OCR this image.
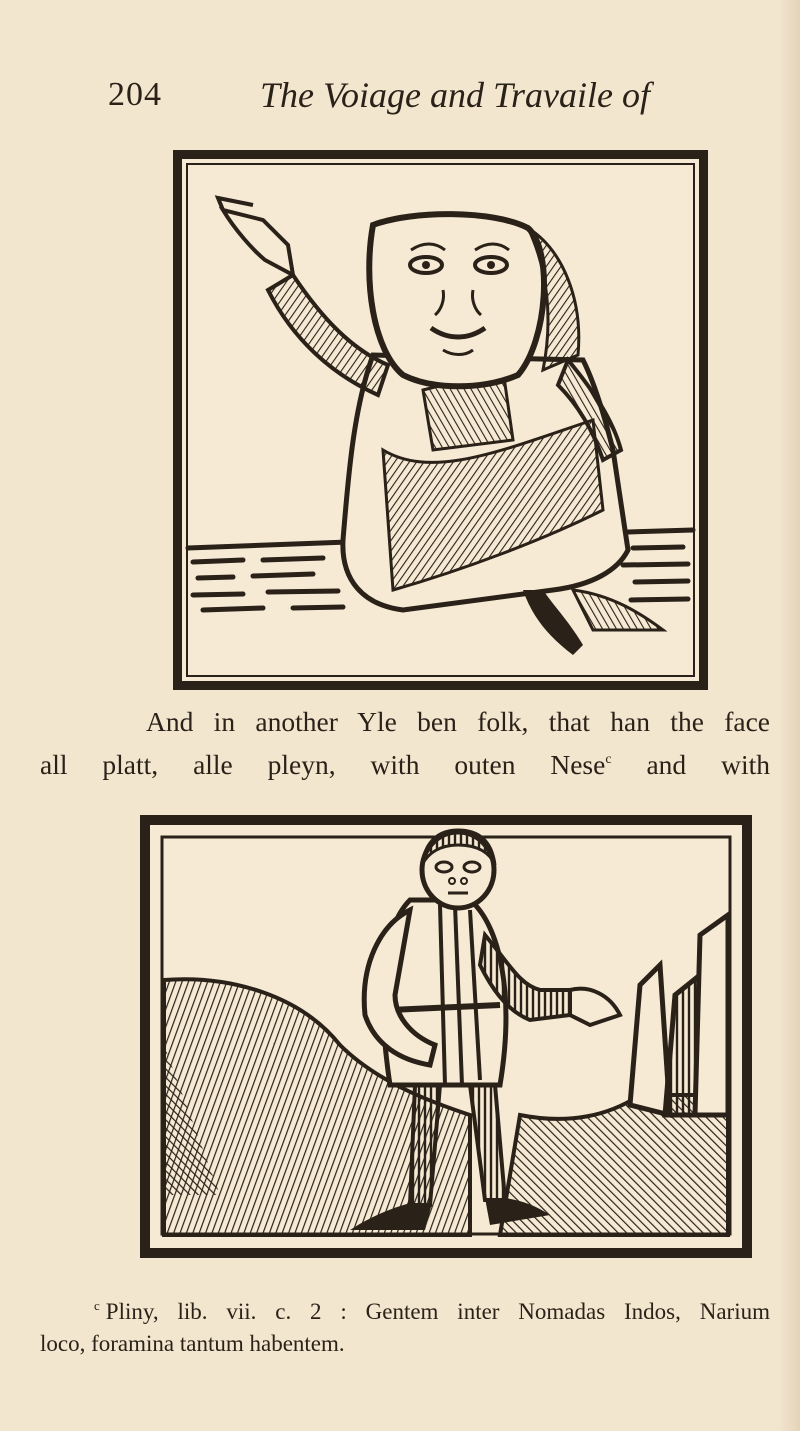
204	The Voiage and Travaile of
And in another Yle ben folk, that han the face
all platt, alle pleyn, with outen Nese$^c$ and with
$^c$ Pliny, lib. vii. c. 2 : Gentem inter Nomadas Indos, Narium
loco, foramina tantum habentem.
